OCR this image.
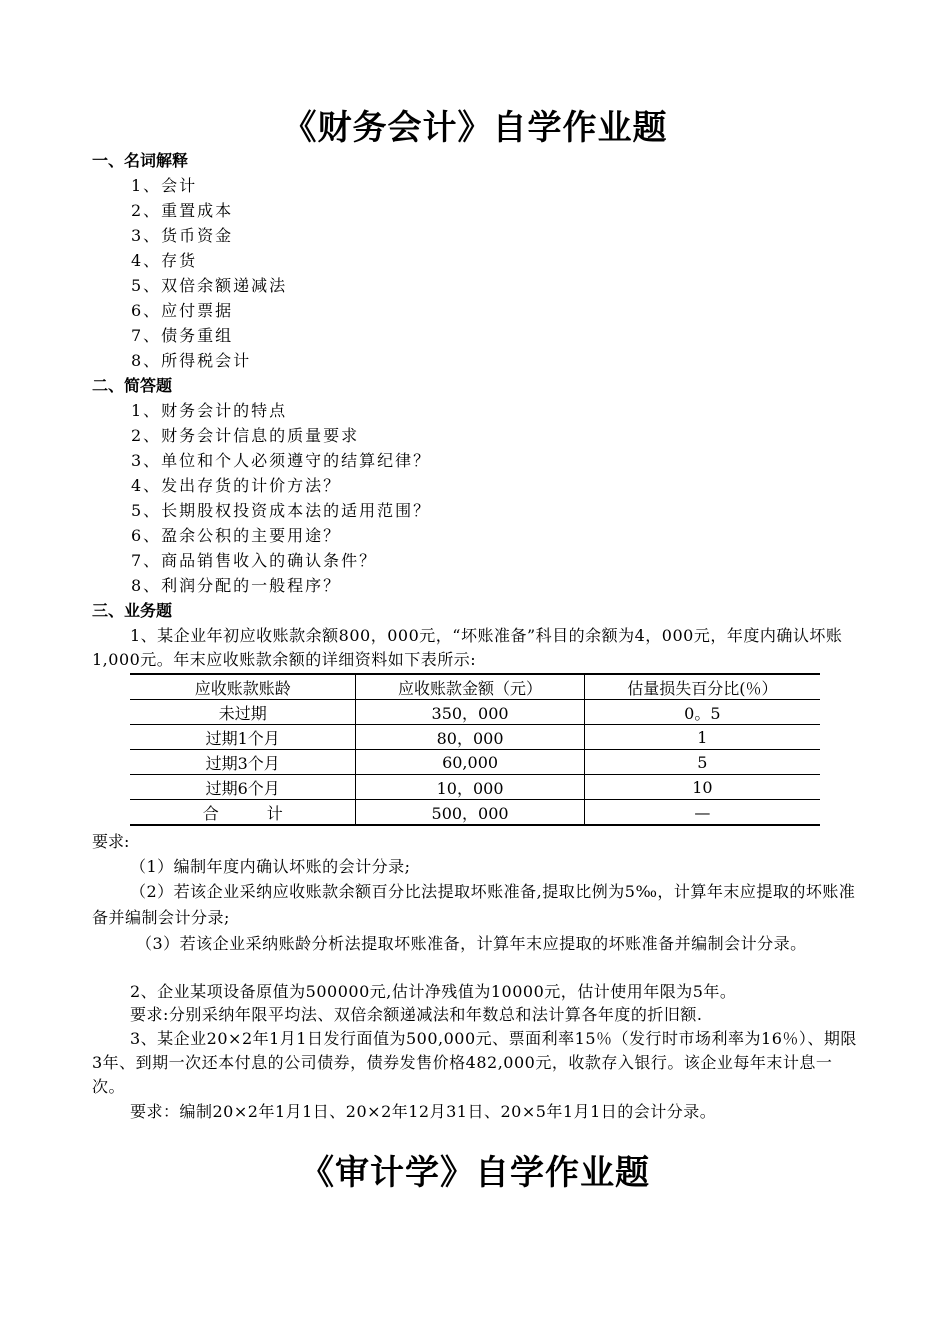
《财务会计》自学作业题
一、名词解释
1、会计
2、重置成本
3、货币资金
4、存货
5、双倍余额递减法
6、应付票据
7、债务重组
8、所得税会计
二、简答题
1、财务会计的特点
2、财务会计信息的质量要求
3、单位和个人必须遵守的结算纪律？
4、发出存货的计价方法？
5、长期股权投资成本法的适用范围？
6、盈余公积的主要用途？
7、商品销售收入的确认条件？
8、利润分配的一般程序？
三、业务题
1、某企业年初应收账款余额800，000元，“坏账准备”科目的余额为4，000元，年度内确认坏账1,000元。年末应收账款余额的详细资料如下表所示:
应收账款账龄	应收账款金额（元）	估量损失百分比(％）
未过期	350，000	0。5
过期1个月	80，000	1
过期3个月	60,000	5
过期6个月	10，000	10
合　　　计	500，000	—
要求:
（1）编制年度内确认坏账的会计分录;
（2）若该企业采纳应收账款余额百分比法提取坏账准备,提取比例为5‰，计算年末应提取的坏账准备并编制会计分录;
（3）若该企业采纳账龄分析法提取坏账准备，计算年末应提取的坏账准备并编制会计分录。
2、企业某项设备原值为500000元,估计净残值为10000元，估计使用年限为5年。
要求:分别采纳年限平均法、双倍余额递减法和年数总和法计算各年度的折旧额.
3、某企业20×2年1月1日发行面值为500,000元、票面利率15％（发行时市场利率为16％）、期限3年、到期一次还本付息的公司债券，债券发售价格482,000元，收款存入银行。该企业每年末计息一次。
要求：编制20×2年1月1日、20×2年12月31日、20×5年1月1日的会计分录。
《审计学》自学作业题
